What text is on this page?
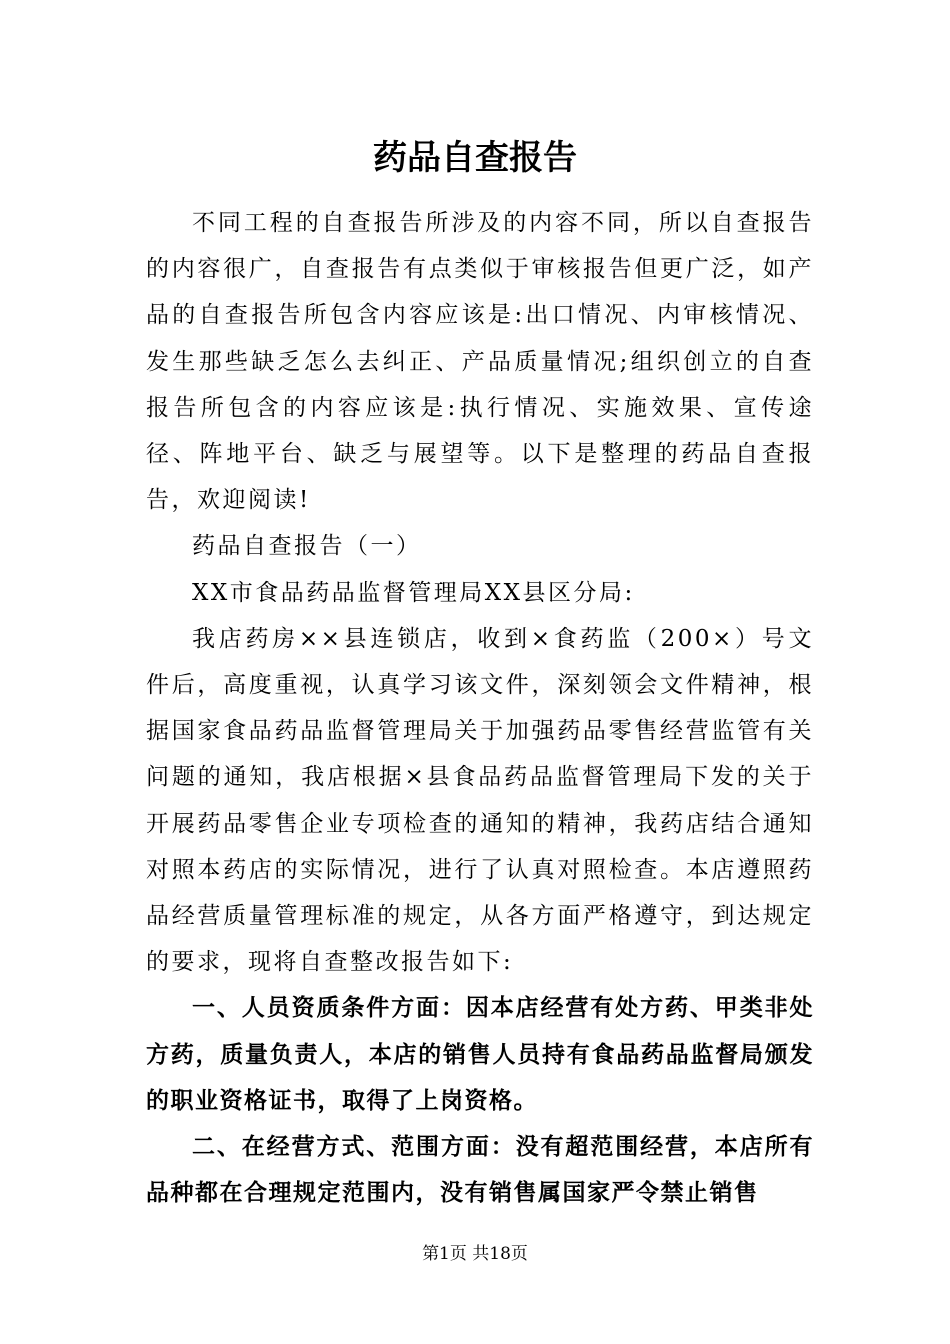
药品自查报告

不同工程的自查报告所涉及的内容不同，所以自查报告的内容很广，自查报告有点类似于审核报告但更广泛，如产品的自查报告所包含内容应该是:出口情况、内审核情况、发生那些缺乏怎么去纠正、产品质量情况;组织创立的自查报告所包含的内容应该是:执行情况、实施效果、宣传途径、阵地平台、缺乏与展望等。以下是整理的药品自查报告，欢迎阅读!

药品自查报告（一）

XX市食品药品监督管理局XX县区分局:

我店药房××县连锁店，收到×食药监（200×）号文件后，高度重视，认真学习该文件，深刻领会文件精神，根据国家食品药品监督管理局关于加强药品零售经营监管有关问题的通知，我店根据×县食品药品监督管理局下发的关于开展药品零售企业专项检查的通知的精神，我药店结合通知对照本药店的实际情况，进行了认真对照检查。本店遵照药品经营质量管理标准的规定，从各方面严格遵守，到达规定的要求，现将自查整改报告如下:

一、人员资质条件方面：因本店经营有处方药、甲类非处方药，质量负责人，本店的销售人员持有食品药品监督局颁发的职业资格证书，取得了上岗资格。

二、在经营方式、范围方面：没有超范围经营，本店所有品种都在合理规定范围内，没有销售属国家严令禁止销售

第1页 共18页
